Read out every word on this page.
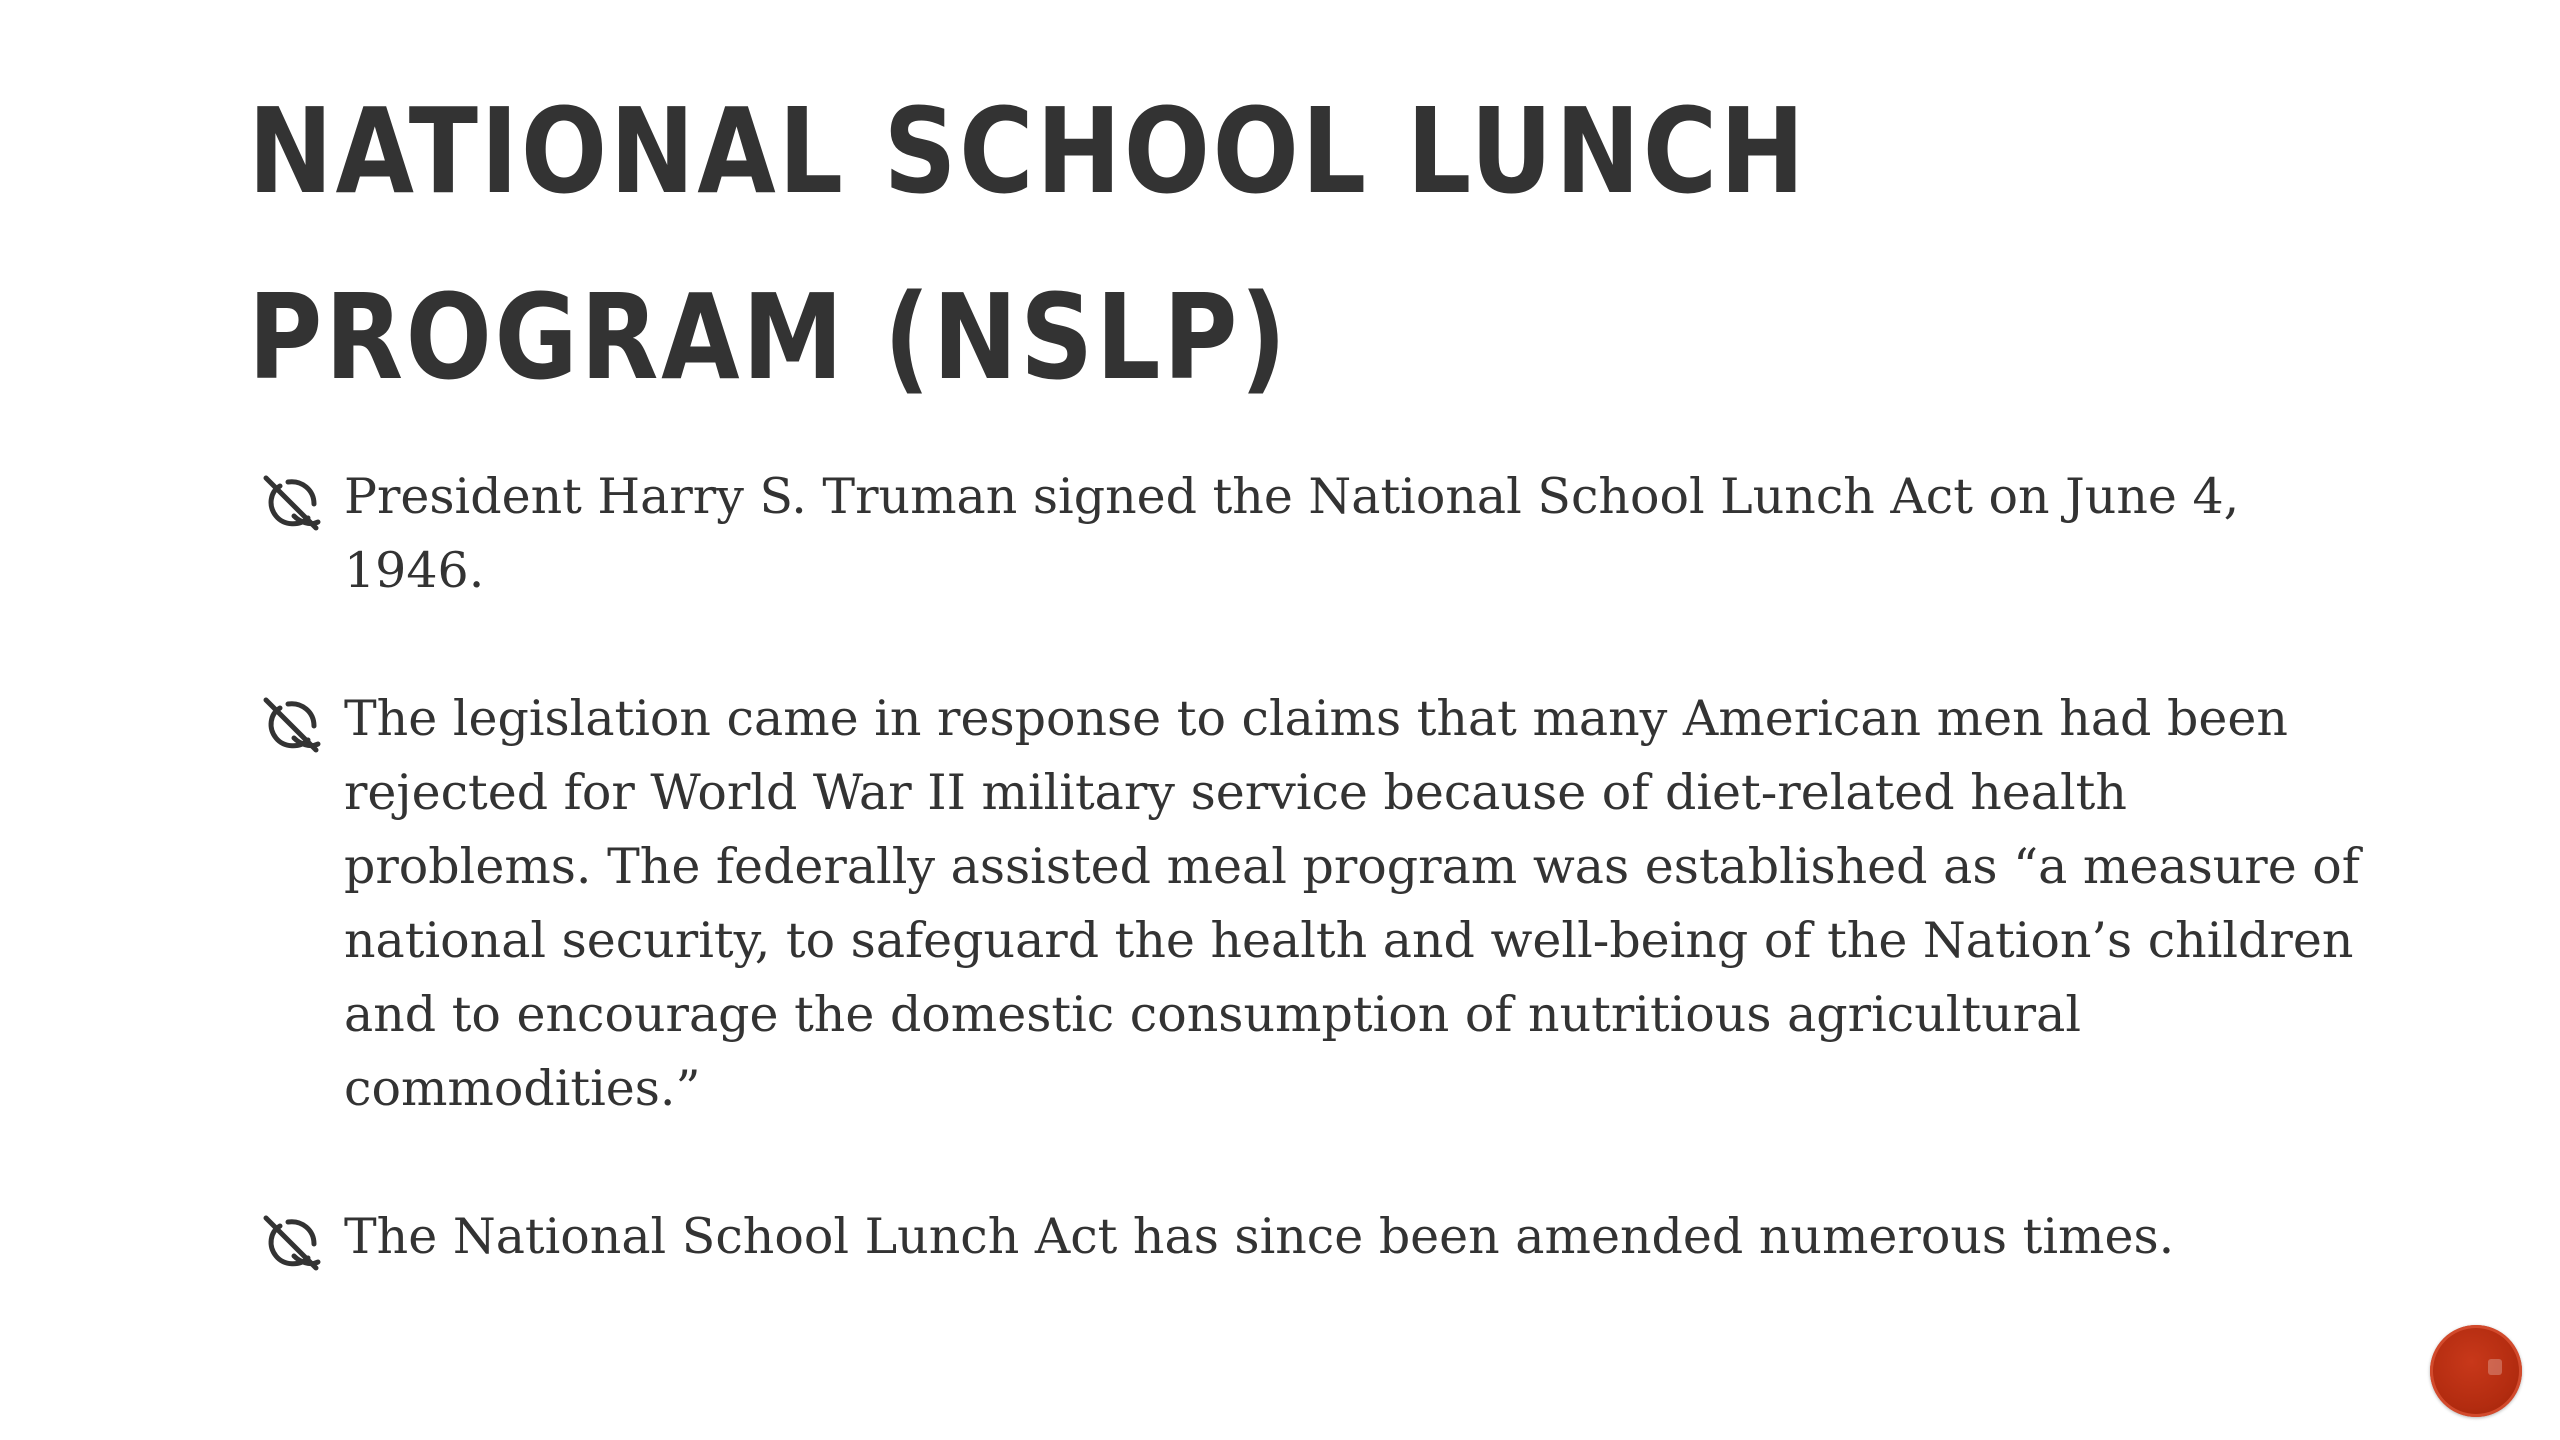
NATIONAL SCHOOL LUNCH PROGRAM (NSLP)
President Harry S. Truman signed the National School Lunch Act on June 4, 1946.
The legislation came in response to claims that many American men had been rejected for World War II military service because of diet-related health problems. The federally assisted meal program was established as “a measure of national security, to safeguard the health and well-being of the Nation’s children and to encourage the domestic consumption of nutritious agricultural commodities.”
The National School Lunch Act has since been amended numerous times.
